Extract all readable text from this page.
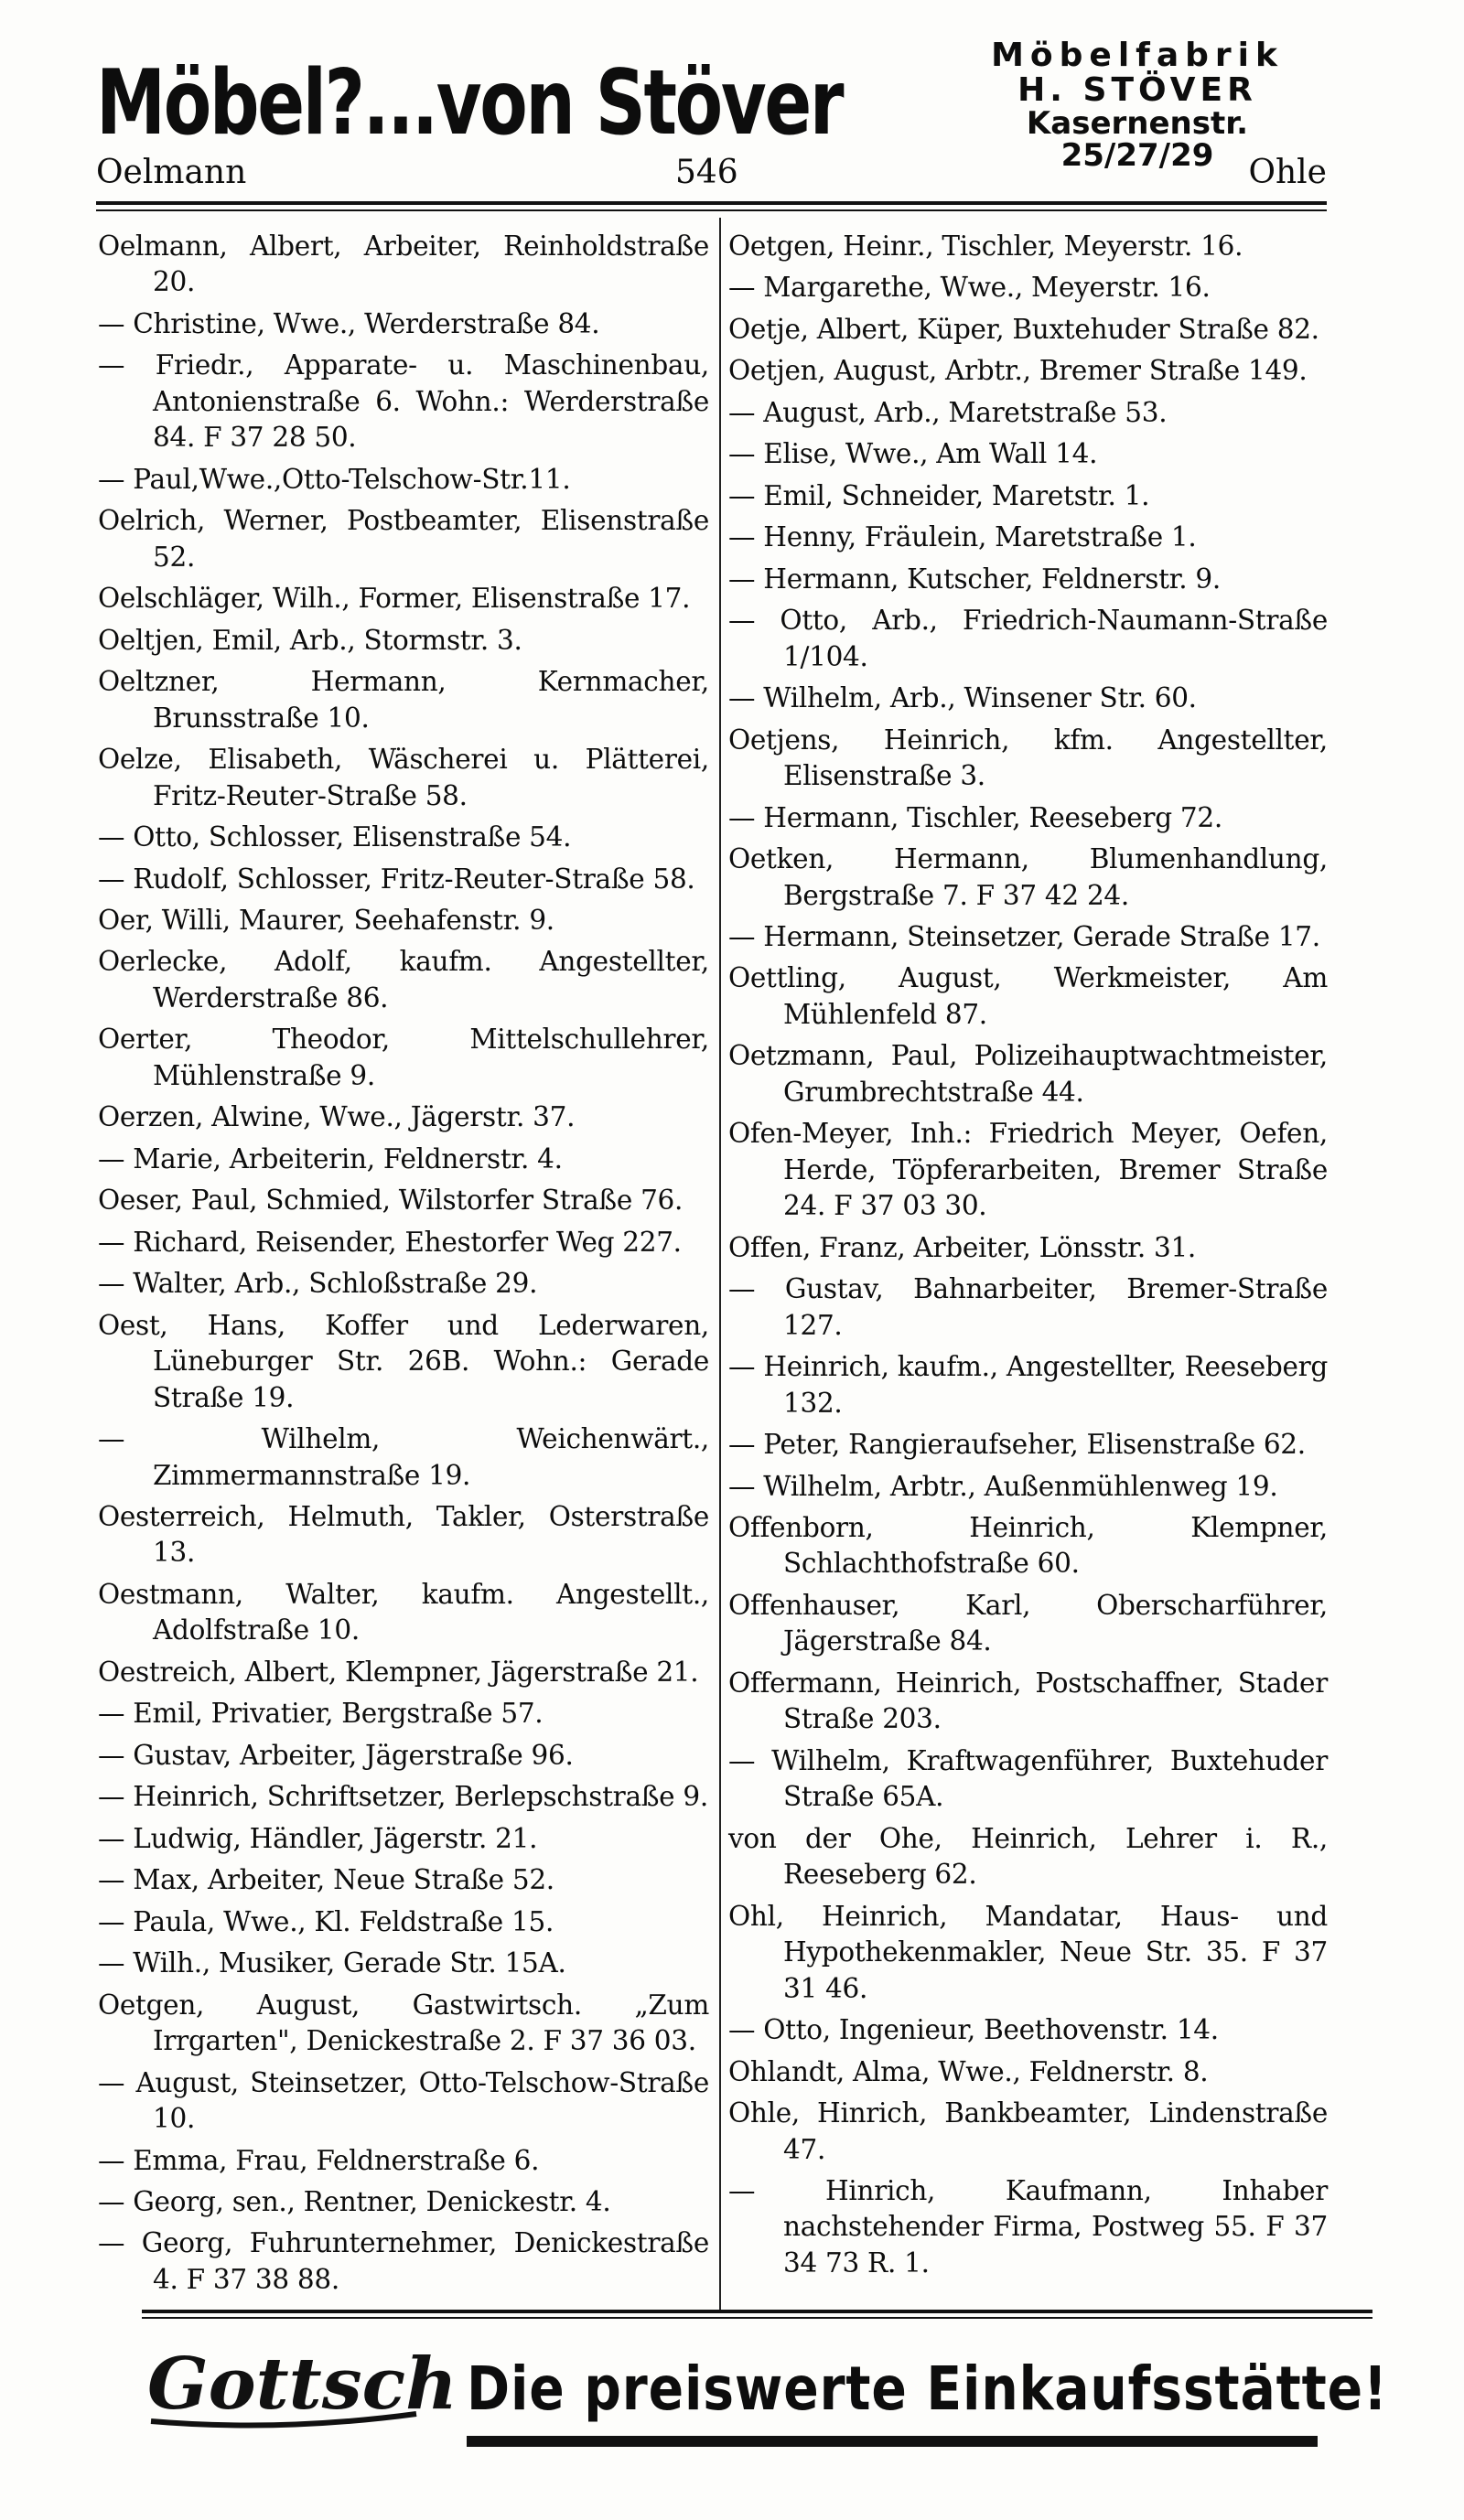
Möbel?...von Stöver	Möbelfabrik
H. STÖVER
Kasernenstr. 25/27/29
Oelmann	546	Ohle
Oelmann, Albert, Arbeiter, Reinholdstraße 20.
— Christine, Wwe., Werderstraße 84.
— Friedr., Apparate- u. Maschinenbau, Antonienstraße 6. Wohn.: Werderstraße 84. F 37 28 50.
— Paul,Wwe.,Otto-Telschow-Str.11.
Oelrich, Werner, Postbeamter, Elisenstraße 52.
Oelschläger, Wilh., Former, Elisenstraße 17.
Oeltjen, Emil, Arb., Stormstr. 3.
Oeltzner, Hermann, Kernmacher, Brunsstraße 10.
Oelze, Elisabeth, Wäscherei u. Plätterei, Fritz-Reuter-Straße 58.
— Otto, Schlosser, Elisenstraße 54.
— Rudolf, Schlosser, Fritz-Reuter-Straße 58.
Oer, Willi, Maurer, Seehafenstr. 9.
Oerlecke, Adolf, kaufm. Angestellter, Werderstraße 86.
Oerter, Theodor, Mittelschullehrer, Mühlenstraße 9.
Oerzen, Alwine, Wwe., Jägerstr. 37.
— Marie, Arbeiterin, Feldnerstr. 4.
Oeser, Paul, Schmied, Wilstorfer Straße 76.
— Richard, Reisender, Ehestorfer Weg 227.
— Walter, Arb., Schloßstraße 29.
Oest, Hans, Koffer und Lederwaren, Lüneburger Str. 26B. Wohn.: Gerade Straße 19.
— Wilhelm, Weichenwärt., Zimmermannstraße 19.
Oesterreich, Helmuth, Takler, Osterstraße 13.
Oestmann, Walter, kaufm. Angestellt., Adolfstraße 10.
Oestreich, Albert, Klempner, Jägerstraße 21.
— Emil, Privatier, Bergstraße 57.
— Gustav, Arbeiter, Jägerstraße 96.
— Heinrich, Schriftsetzer, Berlepschstraße 9.
— Ludwig, Händler, Jägerstr. 21.
— Max, Arbeiter, Neue Straße 52.
— Paula, Wwe., Kl. Feldstraße 15.
— Wilh., Musiker, Gerade Str. 15A.
Oetgen, August, Gastwirtsch. „Zum Irrgarten", Denickestraße 2. F 37 36 03.
— August, Steinsetzer, Otto-Telschow-Straße 10.
— Emma, Frau, Feldnerstraße 6.
— Georg, sen., Rentner, Denickestr. 4.
— Georg, Fuhrunternehmer, Denickestraße 4. F 37 38 88.
Oetgen, Heinr., Tischler, Meyerstr. 16.
— Margarethe, Wwe., Meyerstr. 16.
Oetje, Albert, Küper, Buxtehuder Straße 82.
Oetjen, August, Arbtr., Bremer Straße 149.
— August, Arb., Maretstraße 53.
— Elise, Wwe., Am Wall 14.
— Emil, Schneider, Maretstr. 1.
— Henny, Fräulein, Maretstraße 1.
— Hermann, Kutscher, Feldnerstr. 9.
— Otto, Arb., Friedrich-Naumann-Straße 1/104.
— Wilhelm, Arb., Winsener Str. 60.
Oetjens, Heinrich, kfm. Angestellter, Elisenstraße 3.
— Hermann, Tischler, Reeseberg 72.
Oetken, Hermann, Blumenhandlung, Bergstraße 7. F 37 42 24.
— Hermann, Steinsetzer, Gerade Straße 17.
Oettling, August, Werkmeister, Am Mühlenfeld 87.
Oetzmann, Paul, Polizeihauptwachtmeister, Grumbrechtstraße 44.
Ofen-Meyer, Inh.: Friedrich Meyer, Oefen, Herde, Töpferarbeiten, Bremer Straße 24. F 37 03 30.
Offen, Franz, Arbeiter, Lönsstr. 31.
— Gustav, Bahnarbeiter, Bremer-Straße 127.
— Heinrich, kaufm., Angestellter, Reeseberg 132.
— Peter, Rangieraufseher, Elisenstraße 62.
— Wilhelm, Arbtr., Außenmühlenweg 19.
Offenborn, Heinrich, Klempner, Schlachthofstraße 60.
Offenhauser, Karl, Oberscharführer, Jägerstraße 84.
Offermann, Heinrich, Postschaffner, Stader Straße 203.
— Wilhelm, Kraftwagenführer, Buxtehuder Straße 65A.
von der Ohe, Heinrich, Lehrer i. R., Reeseberg 62.
Ohl, Heinrich, Mandatar, Haus- und Hypothekenmakler, Neue Str. 35. F 37 31 46.
— Otto, Ingenieur, Beethovenstr. 14.
Ohlandt, Alma, Wwe., Feldnerstr. 8.
Ohle, Hinrich, Bankbeamter, Lindenstraße 47.
— Hinrich, Kaufmann, Inhaber nachstehender Firma, Postweg 55. F 37 34 73 R. 1.
Gottsch Die preiswerte Einkaufsstätte!
